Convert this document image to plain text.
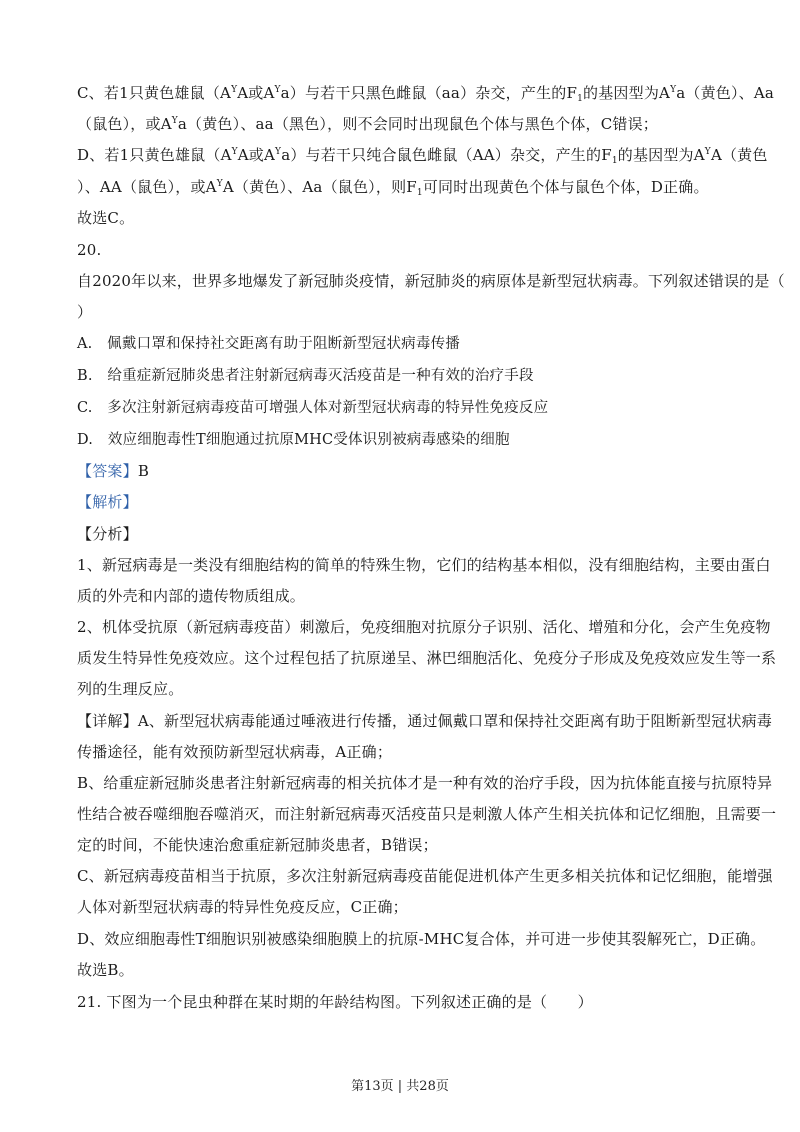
C、若1只黄色雄鼠（$A^YA$或$A^Ya$）与若干只黑色雌鼠（aa）杂交，产生的$F_1$的基因型为$A^Ya$（黄色）、Aa
（鼠色），或$A^Ya$（黄色）、aa（黑色），则不会同时出现鼠色个体与黑色个体，C错误；
D、若1只黄色雄鼠（$A^YA$或$A^Ya$）与若干只纯合鼠色雌鼠（AA）杂交，产生的$F_1$的基因型为$A^YA$（黄色
）、AA（鼠色），或$A^YA$（黄色）、Aa（鼠色），则$F_1$可同时出现黄色个体与鼠色个体，D正确。
故选C。
20.
自2020年以来，世界多地爆发了新冠肺炎疫情，新冠肺炎的病原体是新型冠状病毒。下列叙述错误的是（
）
A.　佩戴口罩和保持社交距离有助于阻断新型冠状病毒传播
B.　给重症新冠肺炎患者注射新冠病毒灭活疫苗是一种有效的治疗手段
C.　多次注射新冠病毒疫苗可增强人体对新型冠状病毒的特异性免疫反应
D.　效应细胞毒性T细胞通过抗原MHC受体识别被病毒感染的细胞
【答案】B
【解析】
【分析】
1、新冠病毒是一类没有细胞结构的简单的特殊生物，它们的结构基本相似，没有细胞结构，主要由蛋白
质的外壳和内部的遗传物质组成。
2、机体受抗原（新冠病毒疫苗）刺激后，免疫细胞对抗原分子识别、活化、增殖和分化，会产生免疫物
质发生特异性免疫效应。这个过程包括了抗原递呈、淋巴细胞活化、免疫分子形成及免疫效应发生等一系
列的生理反应。
【详解】A、新型冠状病毒能通过唾液进行传播，通过佩戴口罩和保持社交距离有助于阻断新型冠状病毒
传播途径，能有效预防新型冠状病毒，A正确；
B、给重症新冠肺炎患者注射新冠病毒的相关抗体才是一种有效的治疗手段，因为抗体能直接与抗原特异
性结合被吞噬细胞吞噬消灭，而注射新冠病毒灭活疫苗只是刺激人体产生相关抗体和记忆细胞，且需要一
定的时间，不能快速治愈重症新冠肺炎患者，B错误；
C、新冠病毒疫苗相当于抗原，多次注射新冠病毒疫苗能促进机体产生更多相关抗体和记忆细胞，能增强
人体对新型冠状病毒的特异性免疫反应，C正确；
D、效应细胞毒性T细胞识别被感染细胞膜上的抗原-MHC复合体，并可进一步使其裂解死亡，D正确。
故选B。
21. 下图为一个昆虫种群在某时期的年龄结构图。下列叙述正确的是（　　）
第13页 | 共28页
